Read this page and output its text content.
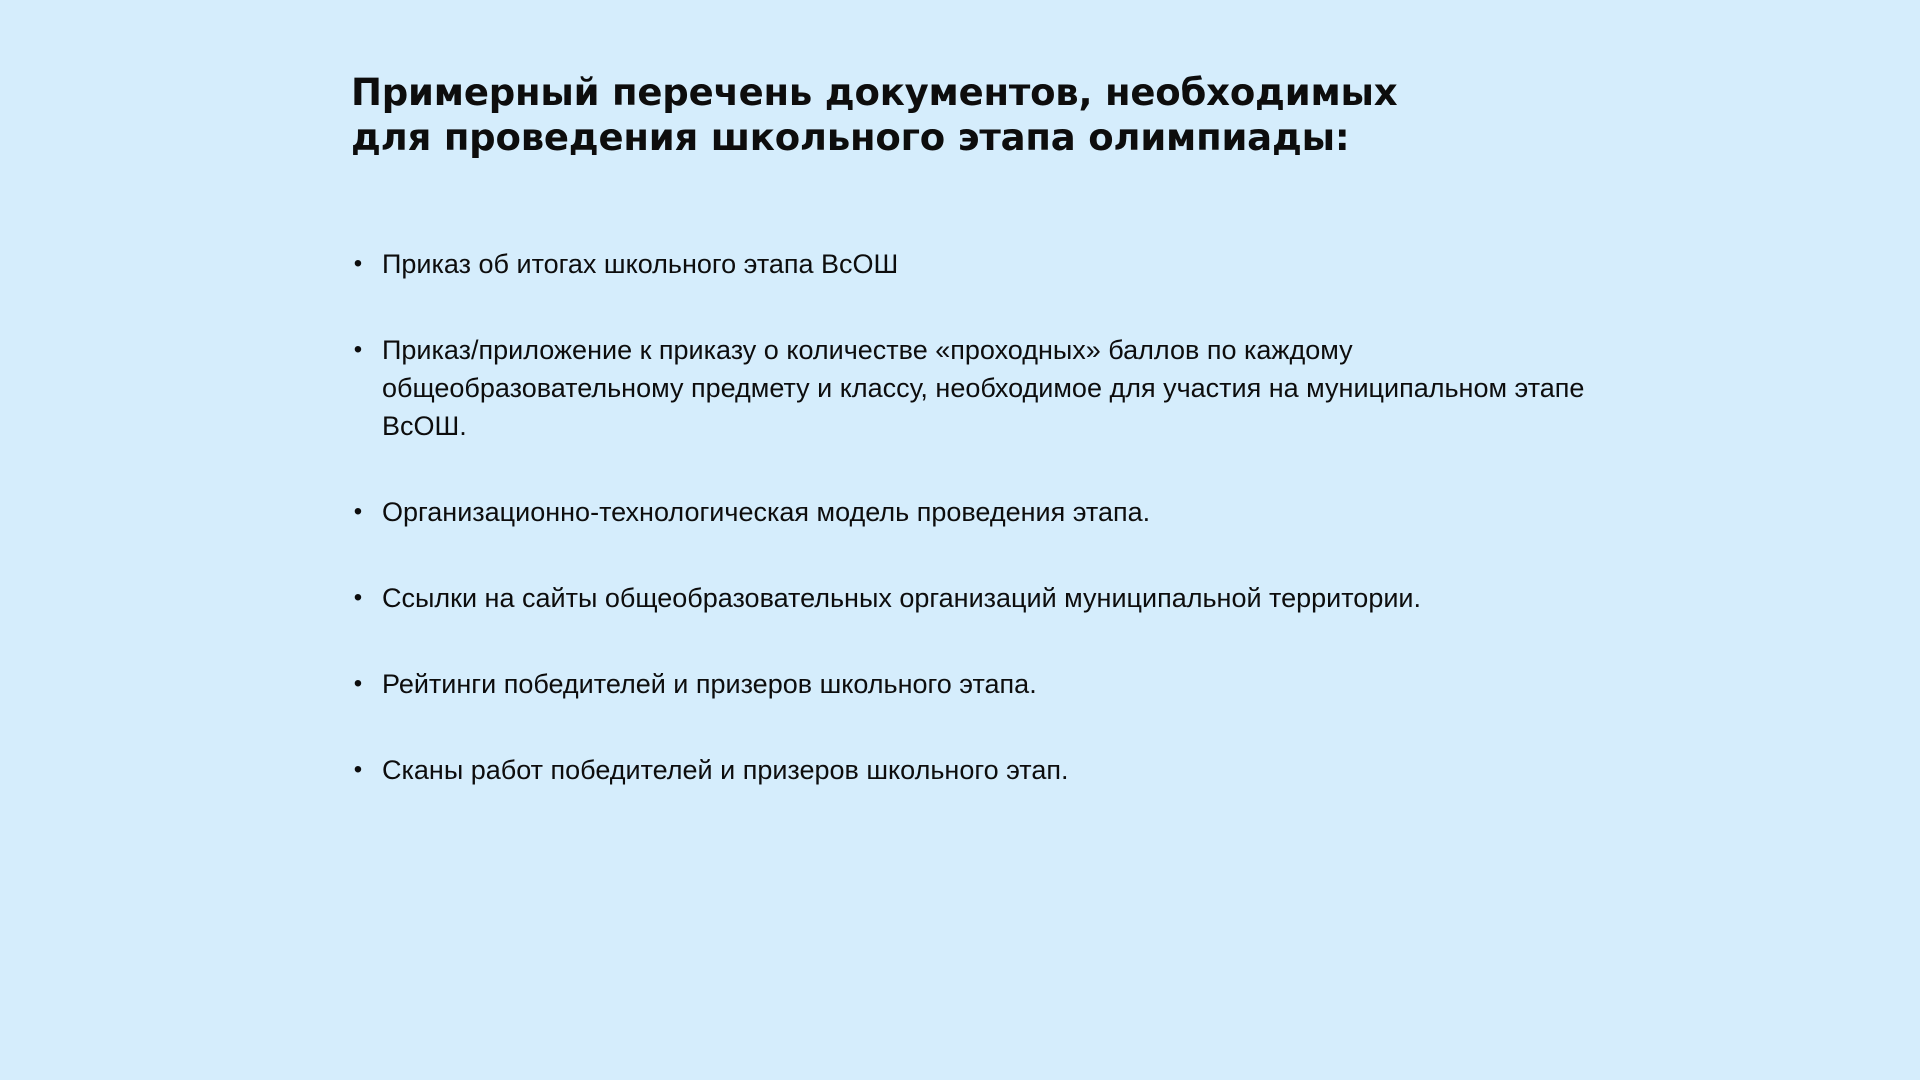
Примерный перечень документов, необходимых
для проведения школьного этапа олимпиады:
• Приказ об итогах школьного этапа ВсОШ
• Приказ/приложение к приказу о количестве «проходных» баллов по каждому общеобразовательному предмету и классу, необходимое для участия на муниципальном этапе ВсОШ.
• Организационно-технологическая модель проведения этапа.
• Ссылки на сайты общеобразовательных организаций муниципальной территории.
• Рейтинги победителей и призеров школьного этапа.
• Сканы работ победителей и призеров школьного этап.
